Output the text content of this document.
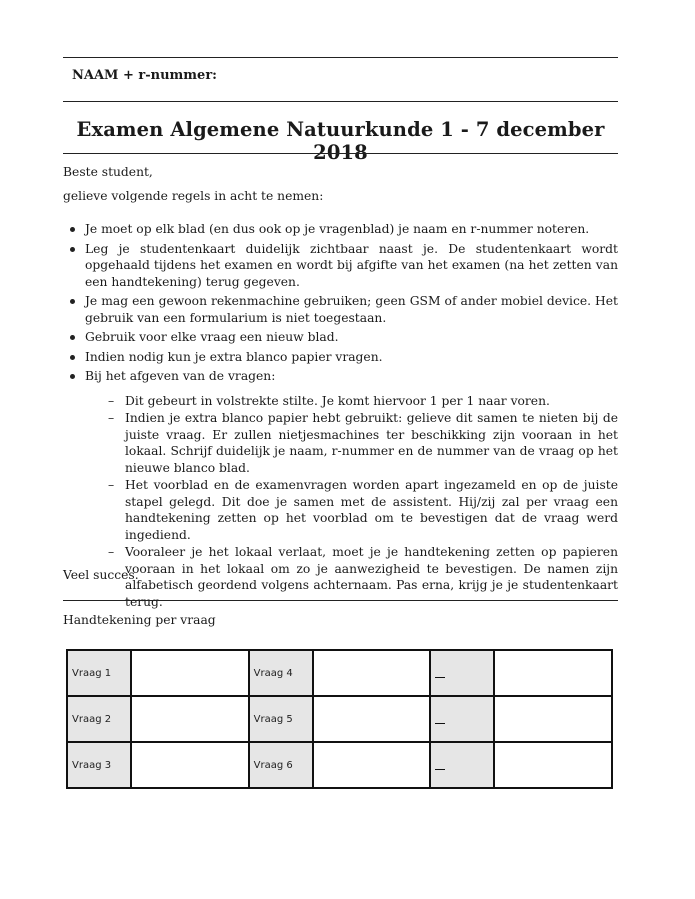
NAAM + r-nummer:
Examen Algemene Natuurkunde 1 - 7 december 2018
Beste student,
gelieve volgende regels in acht te nemen:
Je moet op elk blad (en dus ook op je vragenblad) je naam en r-nummer noteren.
Leg je studentenkaart duidelijk zichtbaar naast je. De studentenkaart wordt opgehaald tijdens het examen en wordt bij afgifte van het examen (na het zetten van een handtekening) terug gegeven.
Je mag een gewoon rekenmachine gebruiken; geen GSM of ander mobiel device. Het gebruik van een formularium is niet toegestaan.
Gebruik voor elke vraag een nieuw blad.
Indien nodig kun je extra blanco papier vragen.
Bij het afgeven van de vragen:
– Dit gebeurt in volstrekte stilte. Je komt hiervoor 1 per 1 naar voren.
– Indien je extra blanco papier hebt gebruikt: gelieve dit samen te nieten bij de juiste vraag. Er zullen nietjesmachines ter beschikking zijn vooraan in het lokaal. Schrijf duidelijk je naam, r-nummer en de nummer van de vraag op het nieuwe blanco blad.
– Het voorblad en de examenvragen worden apart ingezameld en op de juiste stapel gelegd. Dit doe je samen met de assistent. Hij/zij zal per vraag een handtekening zetten op het voorblad om te bevestigen dat de vraag werd ingediend.
– Vooraleer je het lokaal verlaat, moet je je handtekening zetten op papieren vooraan in het lokaal om zo je aanwezigheid te bevestigen. De namen zijn alfabetisch geordend volgens achternaam. Pas erna, krijg je je studentenkaart terug.
Veel succes.
Handtekening per vraag
Vraag 1		Vraag 4			
Vraag 2		Vraag 5			
Vraag 3		Vraag 6			
